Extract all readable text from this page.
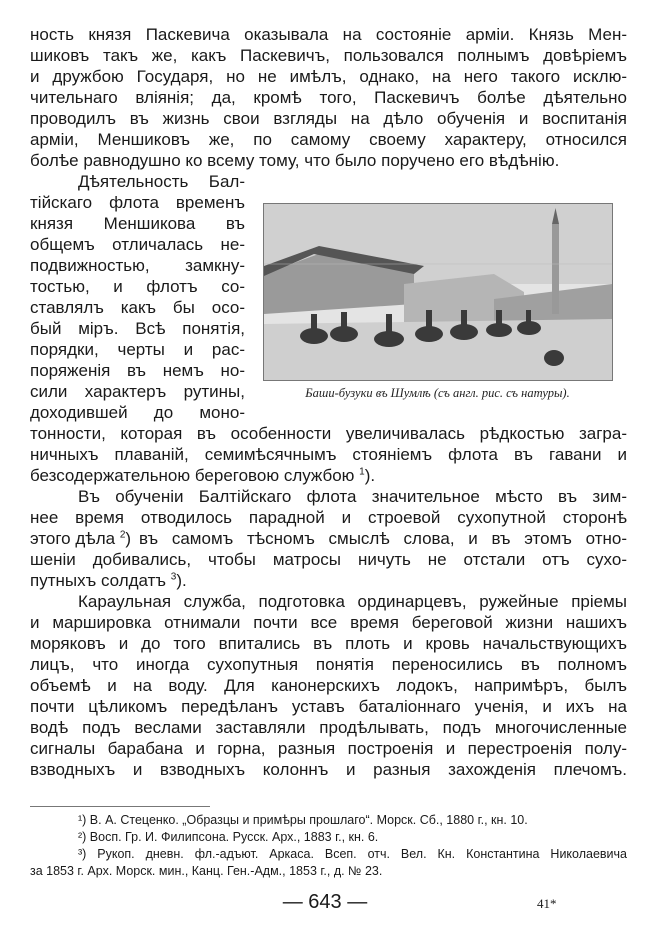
ность князя Паскевича оказывала на состояніе арміи. Князь Мен-
шиковъ такъ же, какъ Паскевичъ, пользовался полнымъ довѣріемъ
и дружбою Государя, но не имѣлъ, однако, на него такого исклю-
чительнаго вліянія; да, кромѣ того, Паскевичъ болѣе дѣятельно
проводилъ въ жизнь свои взгляды на дѣло обученія и воспитанія
арміи, Меншиковъ же, по самому своему характеру, относился
болѣе равнодушно ко всему тому, что было поручено его вѣдѣнію.
Дѣятельность Бал-
тійскаго флота временъ
князя Меншикова въ
общемъ отличалась не-
подвижностью, замкну-
тостью, и флотъ со-
ставлялъ какъ бы осо-
бый міръ. Всѣ понятія,
порядки, черты и рас-
поряженія въ немъ но-
сили характеръ рутины,
доходившей до моно-
тонности, которая въ особенности увеличивалась рѣдкостью загра-
ничныхъ плаваній, семимѣсячнымъ стояніемъ флота въ гавани и
безсодержательною береговою службою $^1$).
Въ обученіи Балтійскаго флота значительное мѣсто въ зим-
нее время отводилось парадной и строевой сухопутной сторонѣ
этого дѣла $^2$) въ самомъ тѣсномъ смыслѣ слова, и въ этомъ отно-
шеніи добивались, чтобы матросы ничуть не отстали отъ сухо-
путныхъ солдатъ $^3$).
Караульная служба, подготовка ординарцевъ, ружейные пріемы
и маршировка отнимали почти все время береговой жизни нашихъ
моряковъ и до того впитались въ плоть и кровь начальствующихъ
лицъ, что иногда сухопутныя понятія переносились въ полномъ
объемѣ и на воду. Для канонерскихъ лодокъ, напримѣръ, былъ
почти цѣликомъ передѣланъ уставъ баталіоннаго ученія, и ихъ на
водѣ подъ веслами заставляли продѣлывать, подъ многочисленные
сигналы барабана и горна, разныя построенія и перестроенія полу-
взводныхъ и взводныхъ колоннъ и разныя захожденія плечомъ.
Баши-бузуки въ Шумлѣ (съ англ. рис. съ натуры).
¹) В. А. Стеценко. „Образцы и примѣры прошлаго“. Морск. Сб., 1880 г., кн. 10.
²) Восп. Гр. И. Филипсона. Русск. Арх., 1883 г., кн. 6.
³) Рукоп. дневн. фл.-адъют. Аркаса. Всеп. отч. Вел. Кн. Константина Николаевича
за 1853 г. Арх. Морск. мин., Канц. Ген.-Адм., 1853 г., д. № 23.
— 643 —	41*
